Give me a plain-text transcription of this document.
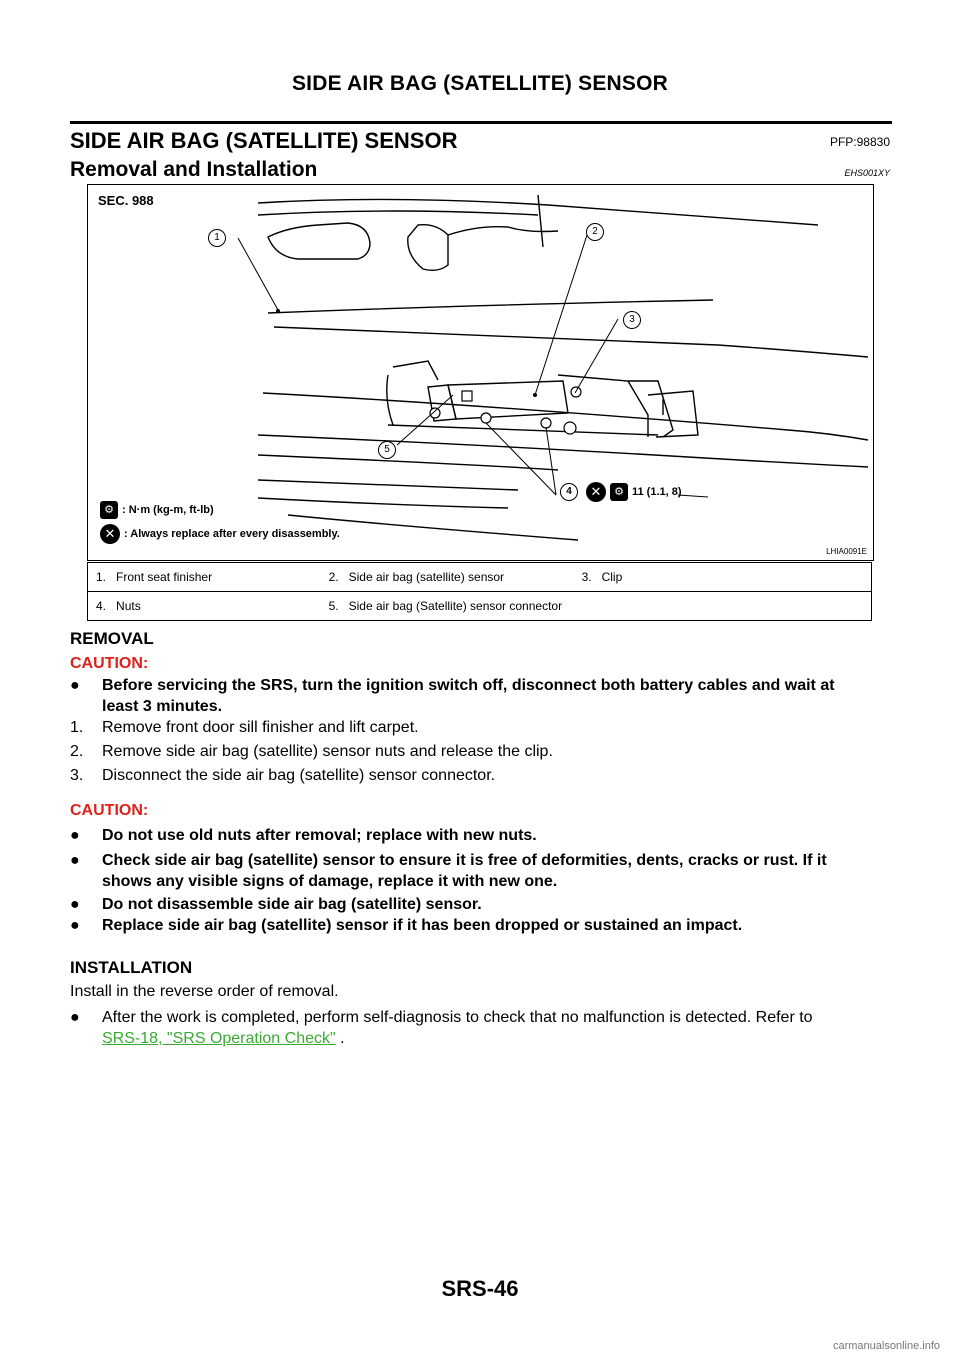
SIDE AIR BAG (SATELLITE) SENSOR
SIDE AIR BAG (SATELLITE) SENSOR	PFP:98830
Removal and Installation	EHS001XY
SEC. 988
1
2
3
5
4	✕	⚙ 11 (1.1, 8)
⚙ : N·m (kg-m, ft-lb)
✕ : Always replace after every disassembly.
LHIA0091E
1. Front seat finisher	2. Side air bag (satellite) sensor	3. Clip
4. Nuts	5. Side air bag (Satellite) sensor connector	
REMOVAL
CAUTION:
● Before servicing the SRS, turn the ignition switch off, disconnect both battery cables and wait at
least 3 minutes.
1. Remove front door sill finisher and lift carpet.
2. Remove side air bag (satellite) sensor nuts and release the clip.
3. Disconnect the side air bag (satellite) sensor connector.
CAUTION:
● Do not use old nuts after removal; replace with new nuts.
● Check side air bag (satellite) sensor to ensure it is free of deformities, dents, cracks or rust. If it
shows any visible signs of damage, replace it with new one.
● Do not disassemble side air bag (satellite) sensor.
● Replace side air bag (satellite) sensor if it has been dropped or sustained an impact.
INSTALLATION
Install in the reverse order of removal.
● After the work is completed, perform self-diagnosis to check that no malfunction is detected. Refer to
SRS-18, "SRS Operation Check" .
SRS-46
carmanualsonline.info
